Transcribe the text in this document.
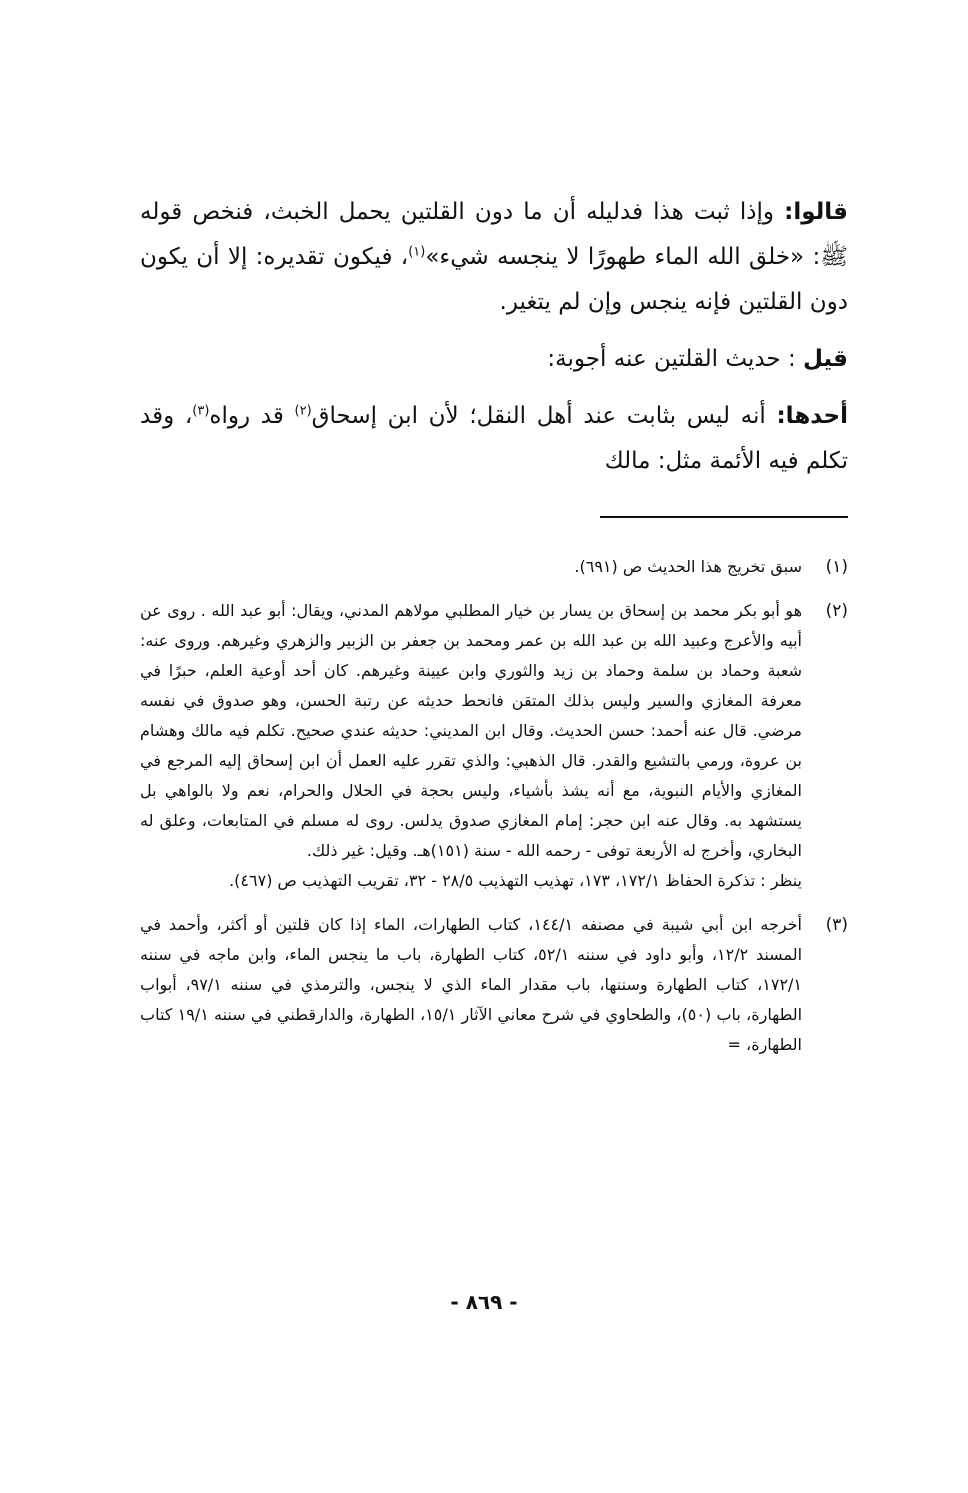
قالوا: وإذا ثبت هذا فدليله أن ما دون القلتين يحمل الخبث، فنخص قوله ﷺ: «خلق الله الماء طهورًا لا ينجسه شيء»$^{(١)}$، فيكون تقديره: إلا أن يكون دون القلتين فإنه ينجس وإن لم يتغير.

قيل : حديث القلتين عنه أجوبة:

أحدها: أنه ليس بثابت عند أهل النقل؛ لأن ابن إسحاق$^{(٢)}$ قد رواه$^{(٣)}$، وقد تكلم فيه الأئمة مثل: مالك

(١)
سبق تخريج هذا الحديث ص (٦٩١).
(٢)
هو أبو بكر محمد بن إسحاق بن يسار بن خيار المطلبي مولاهم المدني، ويقال: أبو عبد الله . روى عن أبيه والأعرج وعبيد الله بن عبد الله بن عمر ومحمد بن جعفر بن الزبير والزهري وغيرهم. وروى عنه: شعبة وحماد بن سلمة وحماد بن زيد والثوري وابن عيينة وغيرهم. كان أحد أوعية العلم، حبرًا في معرفة المغازي والسير وليس بذلك المتقن فانحط حديثه عن رتبة الحسن، وهو صدوق في نفسه مرضي. قال عنه أحمد: حسن الحديث. وقال ابن المديني: حديثه عندي صحيح. تكلم فيه مالك وهشام بن عروة، ورمي بالتشيع والقدر. قال الذهبي: والذي تقرر عليه العمل أن ابن إسحاق إليه المرجع في المغازي والأيام النبوية، مع أنه يشذ بأشياء، وليس بحجة في الحلال والحرام، نعم ولا بالواهي بل يستشهد به. وقال عنه ابن حجر: إمام المغازي صدوق يدلس. روى له مسلم في المتابعات، وعلق له البخاري، وأخرج له الأربعة توفى - رحمه الله - سنة (١٥١)هـ. وقيل: غير ذلك.
ينظر : تذكرة الحفاظ ١٧٢/١، ١٧٣، تهذيب التهذيب ٢٨/٥ - ٣٢، تقريب التهذيب ص (٤٦٧).
(٣)
أخرجه ابن أبي شيبة في مصنفه ١٤٤/١، كتاب الطهارات، الماء إذا كان قلتين أو أكثر، وأحمد في المسند ١٢/٢، وأبو داود في سننه ٥٢/١، كتاب الطهارة، باب ما ينجس الماء، وابن ماجه في سننه ١٧٢/١، كتاب الطهارة وسننها، باب مقدار الماء الذي لا ينجس، والترمذي في سننه ٩٧/١، أبواب الطهارة، باب (٥٠)، والطحاوي في شرح معاني الآثار ١٥/١، الطهارة، والدارقطني في سننه ١٩/١ كتاب الطهارة، =
- ٨٦٩ -
